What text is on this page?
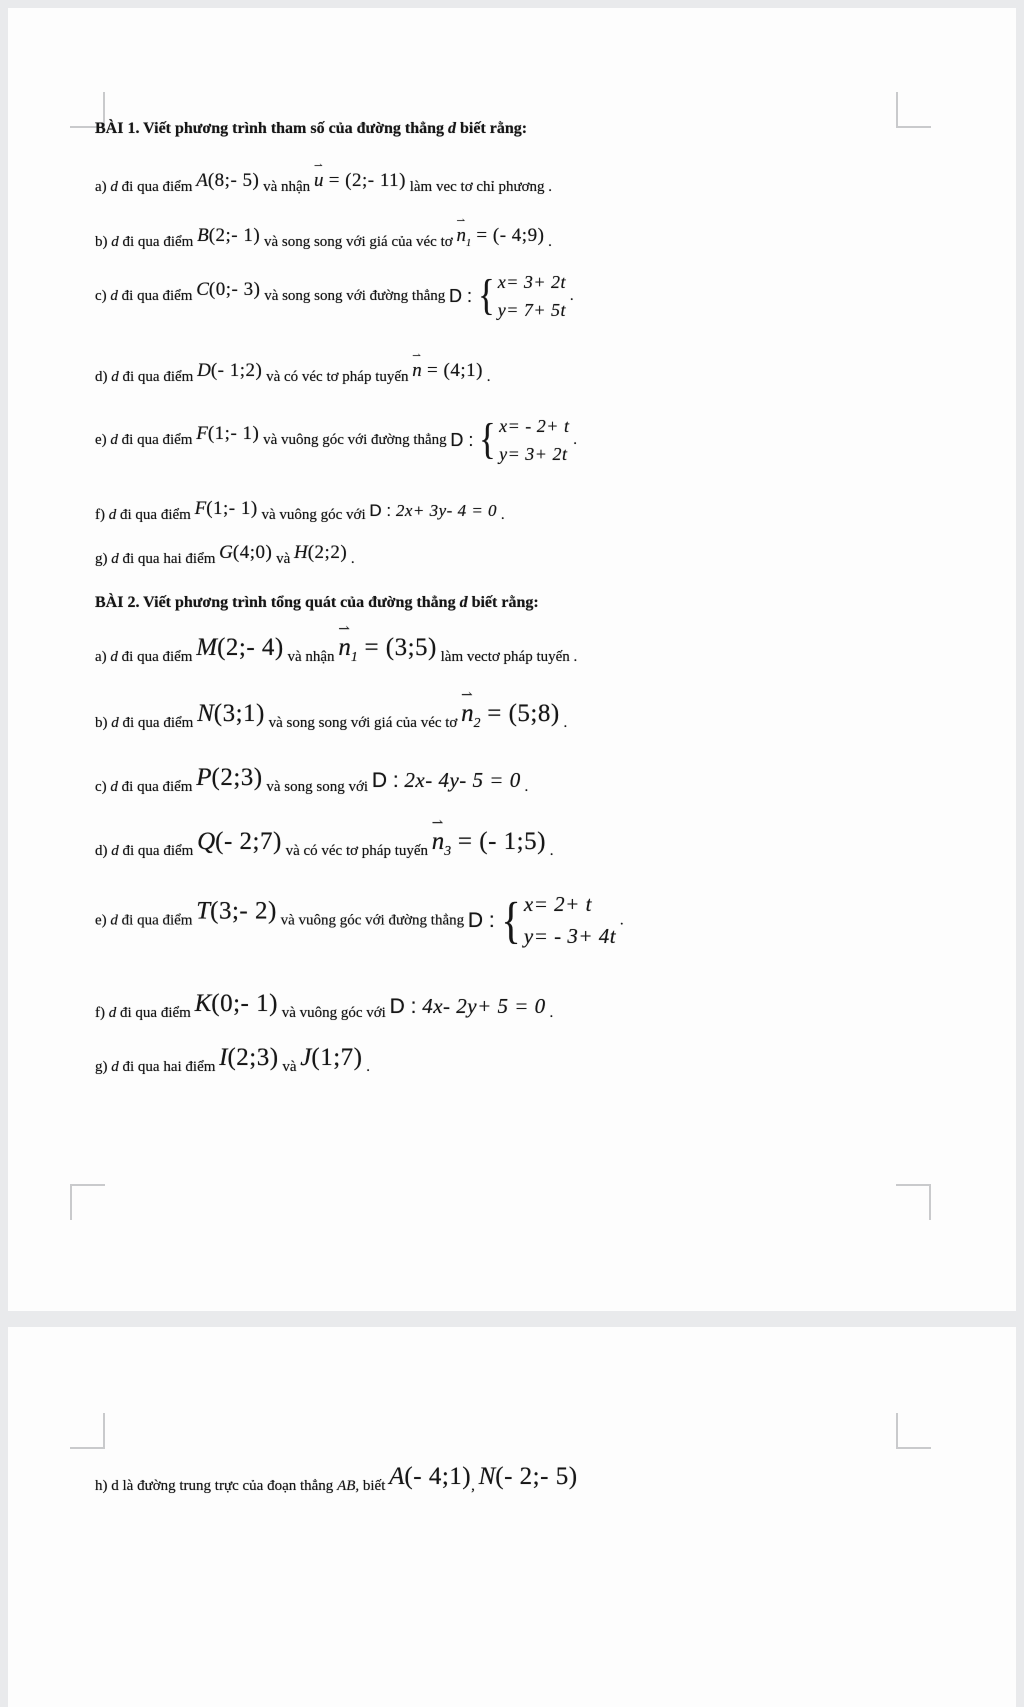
BÀI 1. Viết phương trình tham số của đường thẳng d biết rằng:
a) d đi qua điểm A(8;- 5) và nhận
⇀
u = (2;- 11) làm vec tơ chỉ phương .
b) d đi qua điểm B(2;- 1) và song song với giá của véc tơ
⇀
$n_1$ = (- 4;9) .
c) d đi qua điểm C(0;- 3) và song song với đường thẳng D : { x= 3+ 2t
y= 7+ 5t
.
d) d đi qua điểm D(- 1;2) và có véc tơ pháp tuyến
⇀
n = (4;1) .
e) d đi qua điểm F(1;- 1) và vuông góc với đường thẳng D : { x= - 2+ t
y= 3+ 2t
.
f) d đi qua điểm F(1;- 1) và vuông góc với D : 2x+ 3y- 4 = 0 .
g) d đi qua hai điểm G(4;0) và H(2;2) .
BÀI 2. Viết phương trình tổng quát của đường thẳng d biết rằng:
a) d đi qua điểm M(2;- 4) và nhận
⇀
$n_1$ = (3;5) làm vectơ pháp tuyến .
b) d đi qua điểm N(3;1) và song song với giá của véc tơ
⇀
$n_2$ = (5;8) .
c) d đi qua điểm P(2;3) và song song với D : 2x- 4y- 5 = 0 .
d) d đi qua điểm Q(- 2;7) và có véc tơ pháp tuyến
⇀
$n_3$ = (- 1;5) .
e) d đi qua điểm T(3;- 2) và vuông góc với đường thẳng D : { x= 2+ t
y= - 3+ 4t
.
f) d đi qua điểm K(0;- 1) và vuông góc với D : 4x- 2y+ 5 = 0 .
g) d đi qua hai điểm I(2;3) và J(1;7) .
h) d là đường trung trực của đoạn thẳng AB, biết A(- 4;1), N(- 2;- 5)
